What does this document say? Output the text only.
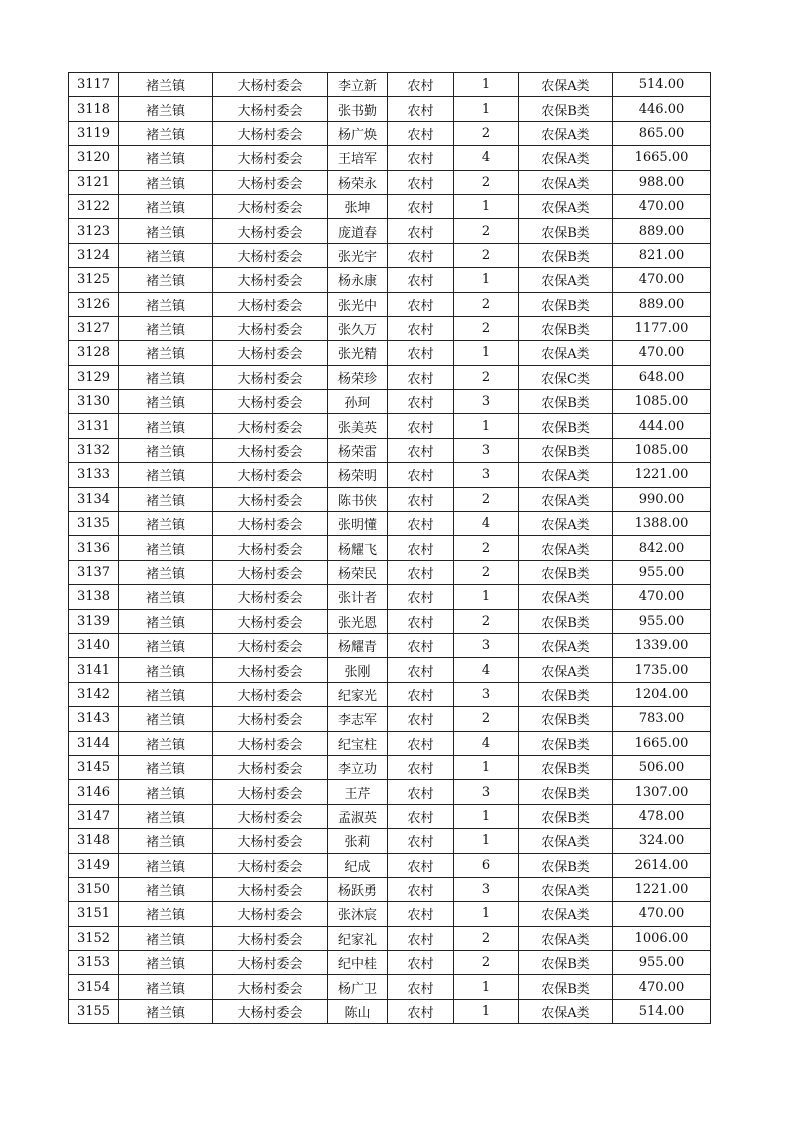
3117	褚兰镇	大杨村委会	李立新	农村	1	农保A类	514.00
3118	褚兰镇	大杨村委会	张书勤	农村	1	农保B类	446.00
3119	褚兰镇	大杨村委会	杨广焕	农村	2	农保A类	865.00
3120	褚兰镇	大杨村委会	王培军	农村	4	农保A类	1665.00
3121	褚兰镇	大杨村委会	杨荣永	农村	2	农保A类	988.00
3122	褚兰镇	大杨村委会	张坤	农村	1	农保A类	470.00
3123	褚兰镇	大杨村委会	庞道春	农村	2	农保B类	889.00
3124	褚兰镇	大杨村委会	张光宇	农村	2	农保B类	821.00
3125	褚兰镇	大杨村委会	杨永康	农村	1	农保A类	470.00
3126	褚兰镇	大杨村委会	张光中	农村	2	农保B类	889.00
3127	褚兰镇	大杨村委会	张久万	农村	2	农保B类	1177.00
3128	褚兰镇	大杨村委会	张光精	农村	1	农保A类	470.00
3129	褚兰镇	大杨村委会	杨荣珍	农村	2	农保C类	648.00
3130	褚兰镇	大杨村委会	孙珂	农村	3	农保B类	1085.00
3131	褚兰镇	大杨村委会	张美英	农村	1	农保B类	444.00
3132	褚兰镇	大杨村委会	杨荣雷	农村	3	农保B类	1085.00
3133	褚兰镇	大杨村委会	杨荣明	农村	3	农保A类	1221.00
3134	褚兰镇	大杨村委会	陈书侠	农村	2	农保A类	990.00
3135	褚兰镇	大杨村委会	张明懂	农村	4	农保A类	1388.00
3136	褚兰镇	大杨村委会	杨耀飞	农村	2	农保A类	842.00
3137	褚兰镇	大杨村委会	杨荣民	农村	2	农保B类	955.00
3138	褚兰镇	大杨村委会	张计者	农村	1	农保A类	470.00
3139	褚兰镇	大杨村委会	张光恩	农村	2	农保B类	955.00
3140	褚兰镇	大杨村委会	杨耀青	农村	3	农保A类	1339.00
3141	褚兰镇	大杨村委会	张刚	农村	4	农保A类	1735.00
3142	褚兰镇	大杨村委会	纪家光	农村	3	农保B类	1204.00
3143	褚兰镇	大杨村委会	李志军	农村	2	农保B类	783.00
3144	褚兰镇	大杨村委会	纪宝柱	农村	4	农保B类	1665.00
3145	褚兰镇	大杨村委会	李立功	农村	1	农保B类	506.00
3146	褚兰镇	大杨村委会	王芹	农村	3	农保B类	1307.00
3147	褚兰镇	大杨村委会	孟淑英	农村	1	农保B类	478.00
3148	褚兰镇	大杨村委会	张莉	农村	1	农保A类	324.00
3149	褚兰镇	大杨村委会	纪成	农村	6	农保B类	2614.00
3150	褚兰镇	大杨村委会	杨跃勇	农村	3	农保A类	1221.00
3151	褚兰镇	大杨村委会	张沐宸	农村	1	农保A类	470.00
3152	褚兰镇	大杨村委会	纪家礼	农村	2	农保A类	1006.00
3153	褚兰镇	大杨村委会	纪中桂	农村	2	农保B类	955.00
3154	褚兰镇	大杨村委会	杨广卫	农村	1	农保B类	470.00
3155	褚兰镇	大杨村委会	陈山	农村	1	农保A类	514.00
